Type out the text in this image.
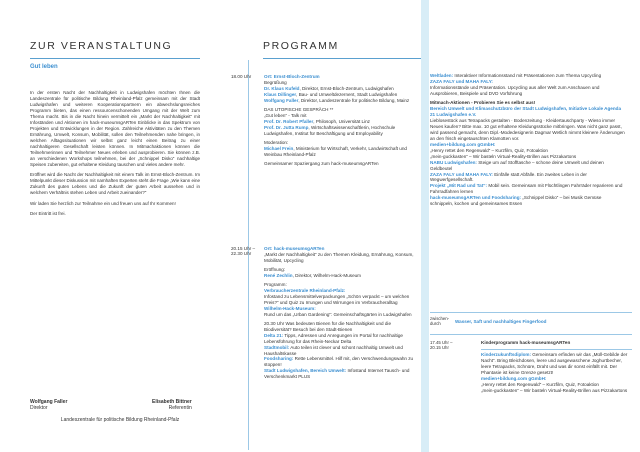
ZUR VERANSTALTUNG
Gut leben

In der ersten Nacht der Nachhaltigkeit in Ludwigshafen möchten Ihnen die Landeszentrale für politische Bildung Rheinland-Pfalz gemeinsam mit der Stadt Ludwigshafen und weiteren Kooperationspartnern ein abwechslungsreiches Programm bieten, das einen ressourcenschonenden Umgang mit der Welt zum Thema macht. Bis in die Nacht hinein vermittelt ein „Markt der Nachhaltigkeit“ mit Infoständen und Aktionen im hack-museumsgARTen Einblicke in das Spektrum von Projekten und Entwicklungen in der Region. Zahlreiche Aktivitäten zu den Themen Ernährung, Umwelt, Konsum, Mobilität, sollen den Teilnehmenden nahe bringen, in welchen Alltagssituationen wir selbst ganz leicht einen Beitrag zu einer nachhaltigeren Gesellschaft leisten können. In Mitmachaktionen können die Teilnehmerinnen und Teilnehmer Neues erleben und ausprobieren. Sie können z.B. an verschiedenen Workshops teilnehmen, bei der „Schnippel Disko“ nachhaltige Speisen zubereiten, gut erhaltene Kleidung tauschen und vieles andere mehr.

Eröffnet wird die Nacht der Nachhaltigkeit mit einem Talk im Ernst-Bloch-Zentrum. Im Mittelpunkt dieser Diskussion mit namhaften Experten steht die Frage „Wie kann eine Zukunft des guten Lebens und die Zukunft der guten Arbeit aussehen und in welchem Verhältnis stehen Leben und Arbeit zueinander?“

Wir laden Sie herzlich zur Teilnahme ein und freuen uns auf Ihr Kommen!

Der Eintritt ist frei.

Wolfgang Faller
Direktor
Elisabeth Bittner
Referentin
Landeszentrale für politische Bildung Rheinland-Pfalz
PROGRAMM
18.00 Uhr	Ort: Ernst-Bloch-Zentrum
Begrüßung
Dr. Klaus Kufeld, Direktor, Ernst-Bloch-Zentrum, Ludwigshafen
Klaus Dillinger, Bau- und Umweltdezernent, Stadt Ludwigshafen
Wolfgang Faller, Direktor, Landeszentrale für politische Bildung, Mainz
DAS UTOPISCHE GESPRÄCH **
„Gut leben“ - Talk mit
Prof. Dr. Robert Pfaller, Philosoph, Universität Linz
Prof. Dr. Jutta Rump, Wirtschaftswissenschaftlerin, Hochschule Ludwigshafen, Institut für Beschäftigung und Employability
Moderation:
Michael Frein, Ministerium für Wirtschaft, Verkehr, Landwirtschaft und Weinbau Rheinland-Pfalz
Gemeinsamer Spaziergang zum hack-museumsgARTen
20.15 Uhr – 22.30 Uhr
Ort: hack-museumsgARTen
„Markt der Nachhaltigkeit“ zu den Themen Kleidung, Ernährung, Konsum, Mobilität, Upcycling
Eröffnung:
René Zechlin, Direktor, Wilhelm-Hack-Museum
Programm:
Verbraucherzentrale Rheinland-Pfalz:
Infostand zu Lebensmittelverpackungen „Schön verpackt – um welchen Preis?“ und Quiz zu Irrungen und Wirrungen im Verbraucheralltag
Wilhelm-Hack-Museum:
Rund um das „Urban Gardening“: Gemeinschaftsgärten in Ludwigshafen
20.30 Uhr Was bedeuten Bienen für die Nachhaltigkeit und die Biodiversität? Besuch bei den Stadt-Bienen
Delta 21: Tipps, Adressen und Anregungen im Portal für nachhaltige Lebensführung für das Rhein-Neckar Delta
Stadtmobil: Auto teilen ist clever und schont nachhaltig Umwelt und Haushaltskasse
Foodsharing: Rette Lebensmittel. Hilf mit, den Verschwendungswahn zu stoppen!
Stadt Ludwigshafen, Bereich Umwelt: Infostand Internet Tausch- und Verschenkmarkt PLUS
Weltladen: Interaktiver Informationsstand mit Präsentationen zum Thema Upcycling
ZAZA FALY und MAHA FALY:
Informationsstände und Präsentation. Upcycling aus aller Welt zum Anschauen und Ausprobieren, Beispiele und DVD Vorführung
Mitmach-Aktionen - Probieren Sie es selbst aus!
Bereich Umwelt und Klimaschutzbüro der Stadt Ludwigshafen, Initiative Lokale Agenda 21 Ludwigshafen e.V.
Lieblosestück aus Tetrapacks gestalten · Bodenzeitung · Kleidertauschparty - Wieso immer Neues kaufen? Bitte max. 10 gut erhaltene Kleidungsstücke mitbringen. Was nicht ganz passt, wird passend gemacht, denn Dipl.-Modedesignerin Dagmar Wetlich nimmt kleinere Änderungen an den frisch eingetauschten Klamotten vor.
medien+bildung.com gGmbH:
„Henry rettet den Regenwald“ – Kurzfilm, Quiz, Fotoaktion
„mein-guckkasten“ – Wir basteln Virtual-Reality-Brillen aus Pizzakartons
NABU Ludwigshafen: Steige um auf Stofftasche – schone deine Umwelt und deinen Geldbeutel
ZAZA FALY und MAHA FALY: Einfälle statt Abfälle. Ein zweites Leben in der Wegwerfgesellschaft.
Projekt „Mit Rad und Tat“: Mobil sein. Gemeinsam mit Flüchtlingen Fahrräder reparieren und Fahrradfahren lernen
hack-museumsgARTen und Foodsharing: „Schnippel Disko“ – bei Musik Gemüse schnippeln, kochen und gemeinsames Essen
Wasser, Saft und nachhaltiges Fingerfood
zwischen-durch
17.45 Uhr – 20.15 Uhr
Kinderprogramm hack-museumsgARTen
Kinderzukunftsdiplom: Gemeinsam erfinden wir das „Müll-Gebilde der Nacht“. Bring Bleichdosen, leere und ausgewaschene Joghurtbecher, leere Tetrapacks, Schnüre, Draht und was dir sonst einfällt mit. Der Phantasie ist keine Grenze gesetzt!
medien+bildung.com gGmbH:
„Henry rettet den Regenwald“ – Kurzfilm, Quiz, Fotoaktion
„mein-guckkasten“ – Wir basteln Virtual-Reality-Brillen aus Pizzakartons
